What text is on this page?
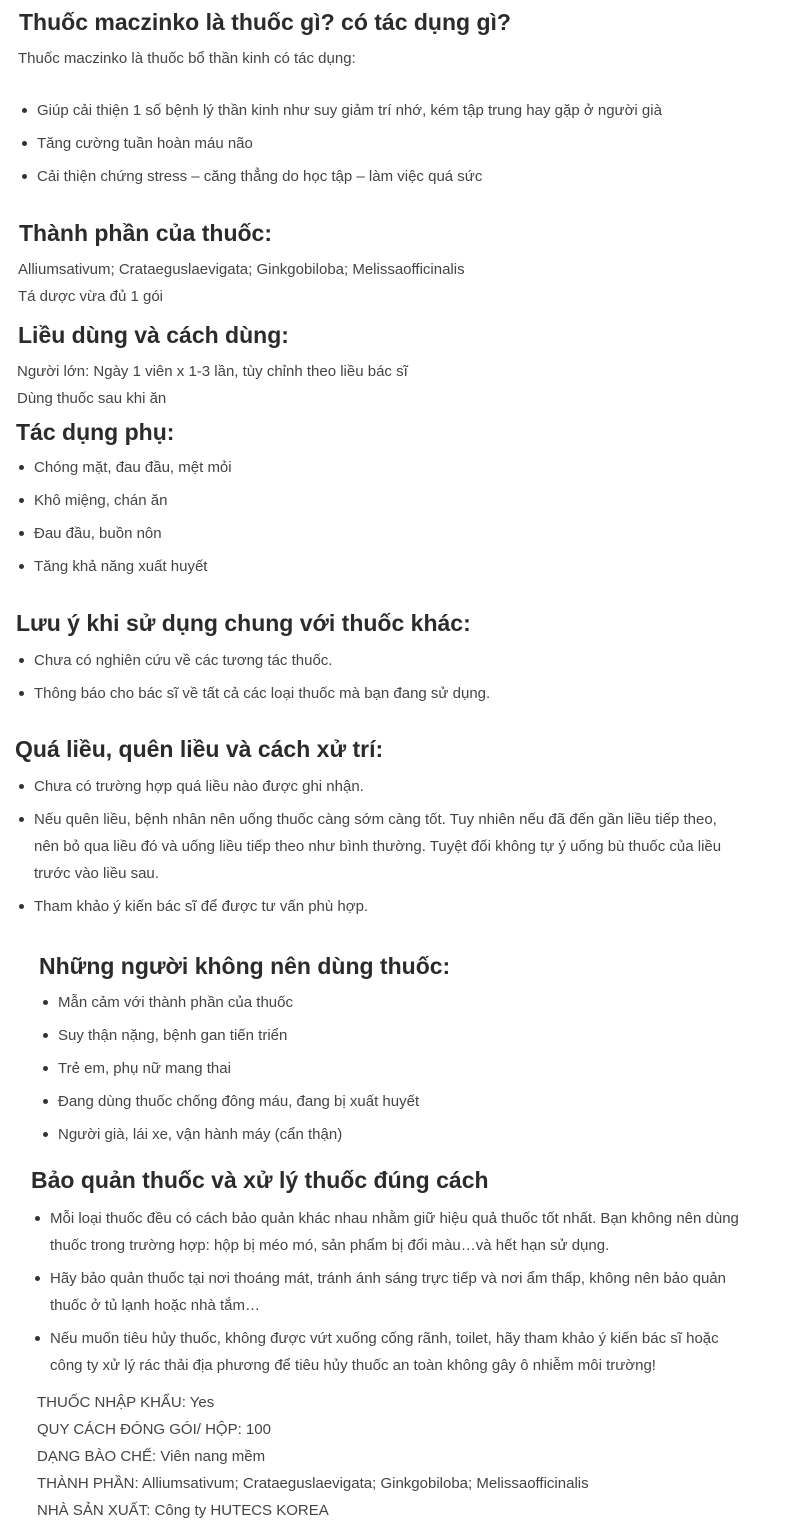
Thuốc maczinko là thuốc gì? có tác dụng gì?

Thuốc maczinko là thuốc bổ thần kinh có tác dụng:

Giúp cải thiện 1 số bệnh lý thần kinh như suy giảm trí nhớ, kém tập trung hay gặp ở người già
Tăng cường tuần hoàn máu não
Cải thiện chứng stress – căng thẳng do học tập – làm việc quá sức
Thành phần của thuốc:

Alliumsativum; Crataeguslaevigata; Ginkgobiloba; Melissaofficinalis

Tá dược vừa đủ 1 gói

Liều dùng và cách dùng:

Người lớn: Ngày 1 viên x 1-3 lần, tùy chỉnh theo liều bác sĩ

Dùng thuốc sau khi ăn

Tác dụng phụ:
Chóng mặt, đau đầu, mệt mỏi
Khô miệng, chán ăn
Đau đầu, buồn nôn
Tăng khả năng xuất huyết
Lưu ý khi sử dụng chung với thuốc khác:
Chưa có nghiên cứu về các tương tác thuốc.
Thông báo cho bác sĩ về tất cả các loại thuốc mà bạn đang sử dụng.
Quá liều, quên liều và cách xử trí:
Chưa có trường hợp quá liều nào được ghi nhận.
Nếu quên liều, bệnh nhân nên uống thuốc càng sớm càng tốt. Tuy nhiên nếu đã đến gần liều tiếp theo,
nên bỏ qua liều đó và uống liều tiếp theo như bình thường. Tuyệt đối không tự ý uống bù thuốc của liều
trước vào liều sau.
Tham khảo ý kiến bác sĩ để được tư vấn phù hợp.
Những người không nên dùng thuốc:
Mẫn cảm với thành phần của thuốc
Suy thận nặng, bệnh gan tiến triển
Trẻ em, phụ nữ mang thai
Đang dùng thuốc chống đông máu, đang bị xuất huyết
Người già, lái xe, vận hành máy (cẩn thận)
Bảo quản thuốc và xử lý thuốc đúng cách
Mỗi loại thuốc đều có cách bảo quản khác nhau nhằm giữ hiệu quả thuốc tốt nhất. Bạn không nên dùng
thuốc trong trường hợp: hộp bị méo mó, sản phẩm bị đổi màu…và hết hạn sử dụng.
Hãy bảo quản thuốc tại nơi thoáng mát, tránh ánh sáng trực tiếp và nơi ẩm thấp, không nên bảo quản
thuốc ở tủ lạnh hoặc nhà tắm…
Nếu muốn tiêu hủy thuốc, không được vứt xuống cống rãnh, toilet, hãy tham khảo ý kiến bác sĩ hoặc
công ty xử lý rác thải địa phương để tiêu hủy thuốc an toàn không gây ô nhiễm môi trường!

THUỐC NHẬP KHẨU: Yes

QUY CÁCH ĐÓNG GÓI/ HỘP: 100

DẠNG BÀO CHẾ: Viên nang mềm

THÀNH PHẦN: Alliumsativum; Crataeguslaevigata; Ginkgobiloba; Melissaofficinalis

NHÀ SẢN XUẤT: Công ty HUTECS KOREA
